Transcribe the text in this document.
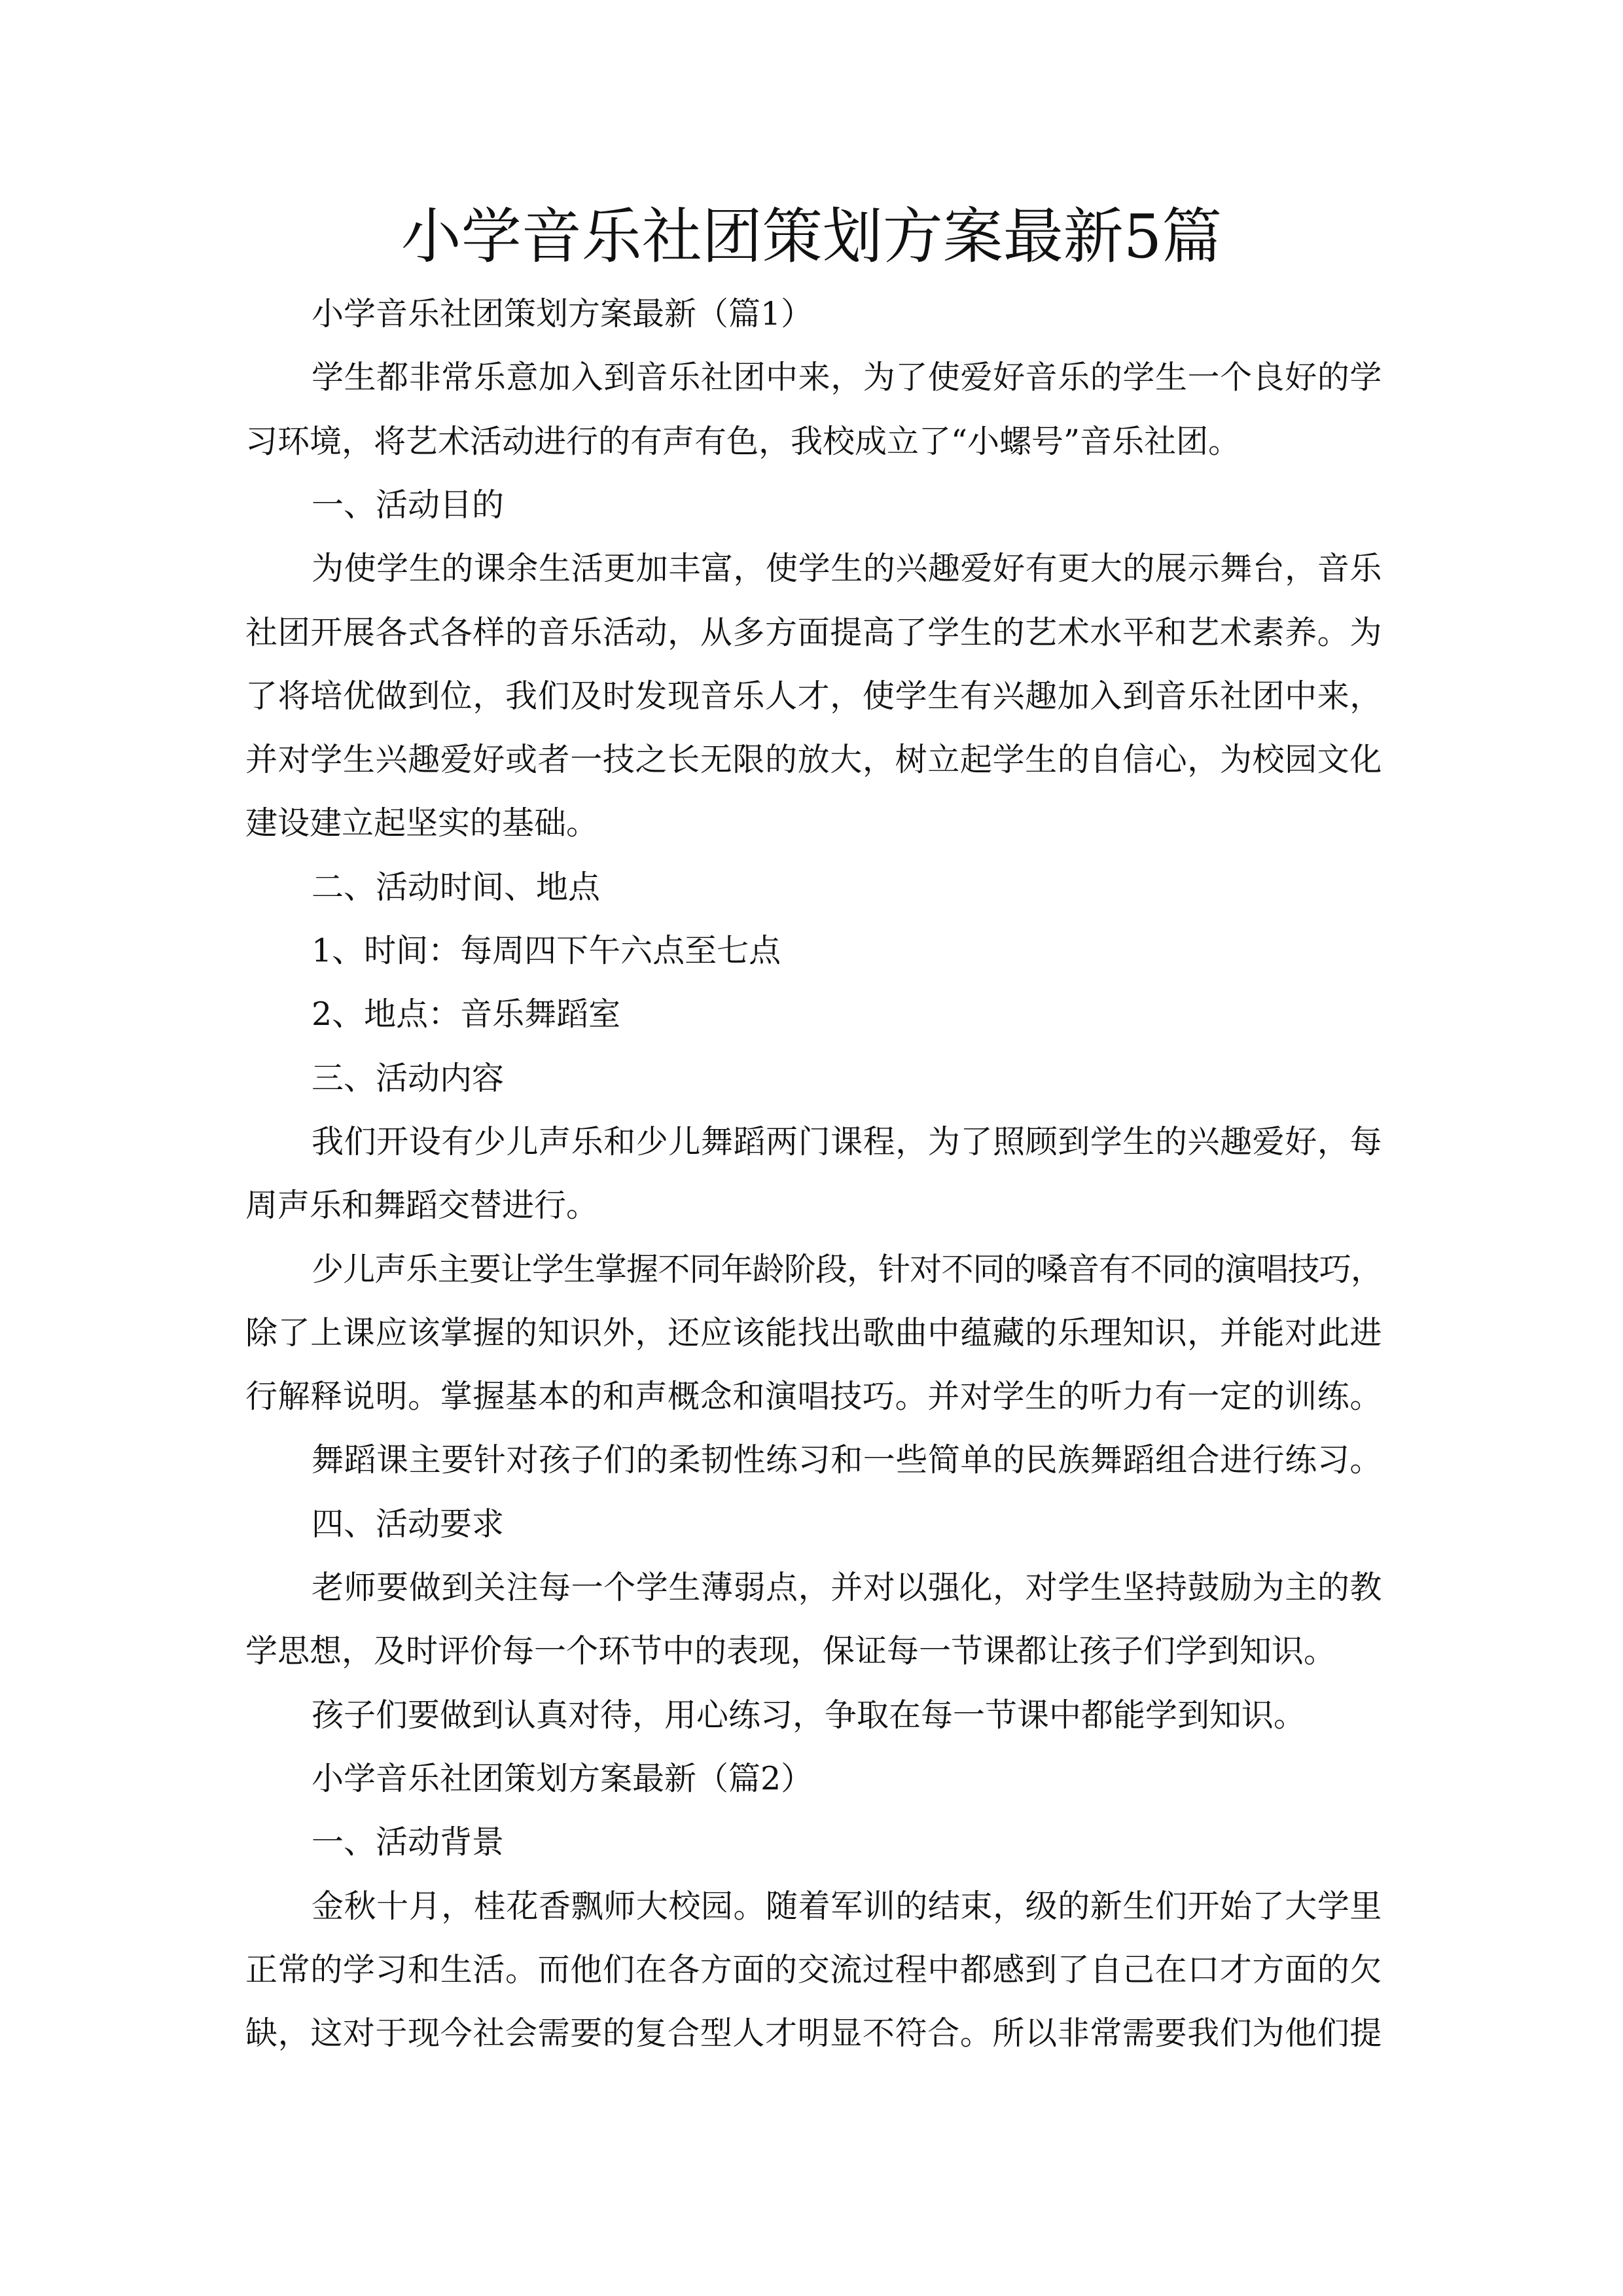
小学音乐社团策划方案最新5篇
小学音乐社团策划方案最新（篇1）
学生都非常乐意加入到音乐社团中来，为了使爱好音乐的学生一个良好的学
习环境，将艺术活动进行的有声有色，我校成立了“小螺号”音乐社团。
一、活动目的
为使学生的课余生活更加丰富，使学生的兴趣爱好有更大的展示舞台，音乐
社团开展各式各样的音乐活动，从多方面提高了学生的艺术水平和艺术素养。为
了将培优做到位，我们及时发现音乐人才，使学生有兴趣加入到音乐社团中来，
并对学生兴趣爱好或者一技之长无限的放大，树立起学生的自信心，为校园文化
建设建立起坚实的基础。
二、活动时间、地点
1、时间：每周四下午六点至七点
2、地点：音乐舞蹈室
三、活动内容
我们开设有少儿声乐和少儿舞蹈两门课程，为了照顾到学生的兴趣爱好，每
周声乐和舞蹈交替进行。
少儿声乐主要让学生掌握不同年龄阶段，针对不同的嗓音有不同的演唱技巧，
除了上课应该掌握的知识外，还应该能找出歌曲中蕴藏的乐理知识，并能对此进
行解释说明。掌握基本的和声概念和演唱技巧。并对学生的听力有一定的训练。
舞蹈课主要针对孩子们的柔韧性练习和一些简单的民族舞蹈组合进行练习。
四、活动要求
老师要做到关注每一个学生薄弱点，并对以强化，对学生坚持鼓励为主的教
学思想，及时评价每一个环节中的表现，保证每一节课都让孩子们学到知识。
孩子们要做到认真对待，用心练习，争取在每一节课中都能学到知识。
小学音乐社团策划方案最新（篇2）
一、活动背景
金秋十月，桂花香飘师大校园。随着军训的结束，级的新生们开始了大学里
正常的学习和生活。而他们在各方面的交流过程中都感到了自己在口才方面的欠
缺，这对于现今社会需要的复合型人才明显不符合。所以非常需要我们为他们提
